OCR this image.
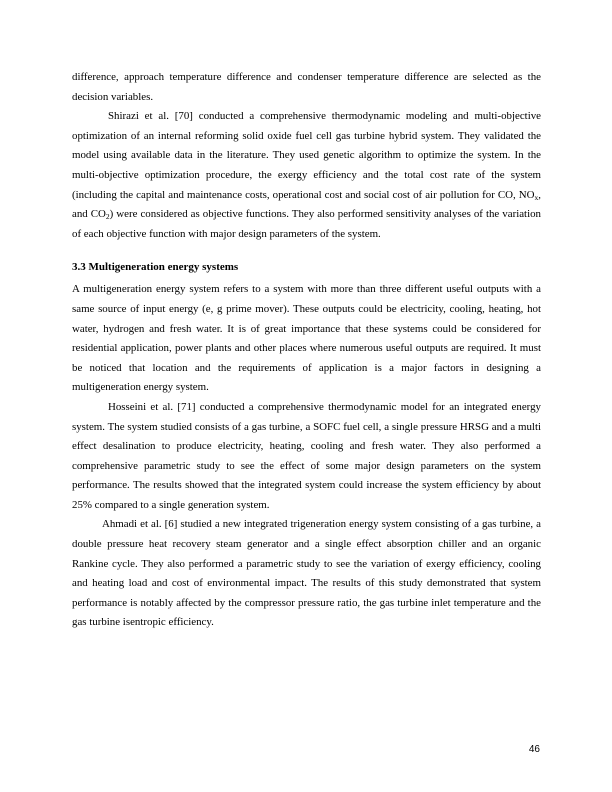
difference, approach temperature difference and condenser temperature difference are selected as the decision variables.

Shirazi et al. [70] conducted a comprehensive thermodynamic modeling and multi-objective optimization of an internal reforming solid oxide fuel cell gas turbine hybrid system. They validated the model using available data in the literature. They used genetic algorithm to optimize the system. In the multi-objective optimization procedure, the exergy efficiency and the total cost rate of the system (including the capital and maintenance costs, operational cost and social cost of air pollution for CO, $NO_x$, and $CO_2$) were considered as objective functions. They also performed sensitivity analyses of the variation of each objective function with major design parameters of the system.

3.3 Multigeneration energy systems

A multigeneration energy system refers to a system with more than three different useful outputs with a same source of input energy (e, g prime mover). These outputs could be electricity, cooling, heating, hot water, hydrogen and fresh water. It is of great importance that these systems could be considered for residential application, power plants and other places where numerous useful outputs are required. It must be noticed that location and the requirements of application is a major factors in designing a multigeneration energy system.

Hosseini et al. [71] conducted a comprehensive thermodynamic model for an integrated energy system. The system studied consists of a gas turbine, a SOFC fuel cell, a single pressure HRSG and a multi effect desalination to produce electricity, heating, cooling and fresh water. They also performed a comprehensive parametric study to see the effect of some major design parameters on the system performance. The results showed that the integrated system could increase the system efficiency by about 25% compared to a single generation system.

Ahmadi et al. [6] studied a new integrated trigeneration energy system consisting of a gas turbine, a double pressure heat recovery steam generator and a single effect absorption chiller and an organic Rankine cycle. They also performed a parametric study to see the variation of exergy efficiency, cooling and heating load and cost of environmental impact. The results of this study demonstrated that system performance is notably affected by the compressor pressure ratio, the gas turbine inlet temperature and the gas turbine isentropic efficiency.

46
